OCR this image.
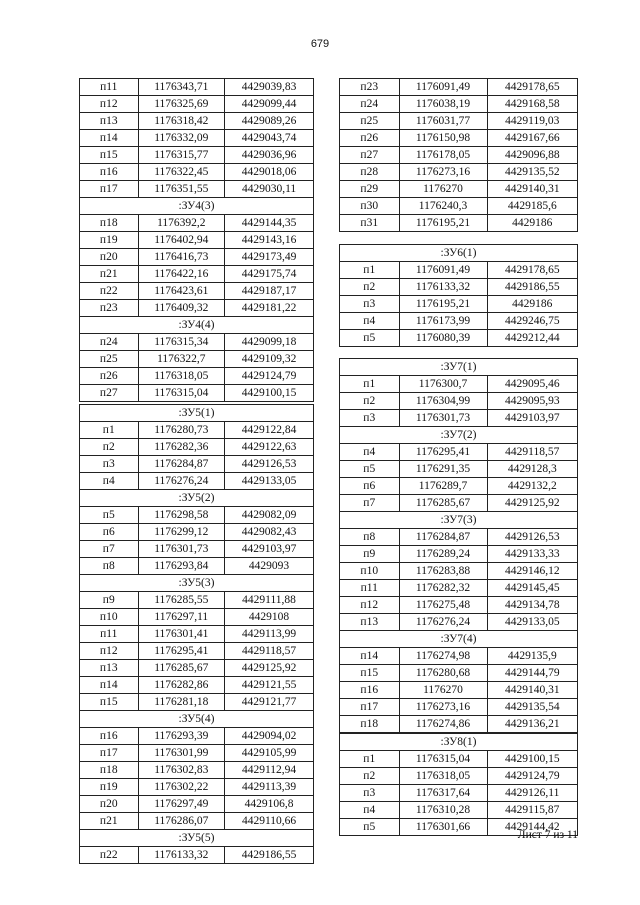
679
п11	1176343,71	4429039,83
п12	1176325,69	4429099,44
п13	1176318,42	4429089,26
п14	1176332,09	4429043,74
п15	1176315,77	4429036,96
п16	1176322,45	4429018,06
п17	1176351,55	4429030,11
:ЗУ4(3)		
п18	1176392,2	4429144,35
п19	1176402,94	4429143,16
п20	1176416,73	4429173,49
п21	1176422,16	4429175,74
п22	1176423,61	4429187,17
п23	1176409,32	4429181,22
:ЗУ4(4)		
п24	1176315,34	4429099,18
п25	1176322,7	4429109,32
п26	1176318,05	4429124,79
п27	1176315,04	4429100,15
:ЗУ5(1)		
п1	1176280,73	4429122,84
п2	1176282,36	4429122,63
п3	1176284,87	4429126,53
п4	1176276,24	4429133,05
:ЗУ5(2)		
п5	1176298,58	4429082,09
п6	1176299,12	4429082,43
п7	1176301,73	4429103,97
п8	1176293,84	4429093
:ЗУ5(3)		
п9	1176285,55	4429111,88
п10	1176297,11	4429108
п11	1176301,41	4429113,99
п12	1176295,41	4429118,57
п13	1176285,67	4429125,92
п14	1176282,86	4429121,55
п15	1176281,18	4429121,77
:ЗУ5(4)		
п16	1176293,39	4429094,02
п17	1176301,99	4429105,99
п18	1176302,83	4429112,94
п19	1176302,22	4429113,39
п20	1176297,49	4429106,8
п21	1176286,07	4429110,66
:ЗУ5(5)		
п22	1176133,32	4429186,55
п23	1176091,49	4429178,65
п24	1176038,19	4429168,58
п25	1176031,77	4429119,03
п26	1176150,98	4429167,66
п27	1176178,05	4429096,88
п28	1176273,16	4429135,52
п29	1176270	4429140,31
п30	1176240,3	4429185,6
п31	1176195,21	4429186
:ЗУ6(1)		
п1	1176091,49	4429178,65
п2	1176133,32	4429186,55
п3	1176195,21	4429186
п4	1176173,99	4429246,75
п5	1176080,39	4429212,44
:ЗУ7(1)		
п1	1176300,7	4429095,46
п2	1176304,99	4429095,93
п3	1176301,73	4429103,97
:ЗУ7(2)		
п4	1176295,41	4429118,57
п5	1176291,35	4429128,3
п6	1176289,7	4429132,2
п7	1176285,67	4429125,92
:ЗУ7(3)		
п8	1176284,87	4429126,53
п9	1176289,24	4429133,33
п10	1176283,88	4429146,12
п11	1176282,32	4429145,45
п12	1176275,48	4429134,78
п13	1176276,24	4429133,05
:ЗУ7(4)		
п14	1176274,98	4429135,9
п15	1176280,68	4429144,79
п16	1176270	4429140,31
п17	1176273,16	4429135,54
п18	1176274,86	4429136,21
:ЗУ8(1)		
п1	1176315,04	4429100,15
п2	1176318,05	4429124,79
п3	1176317,64	4429126,11
п4	1176310,28	4429115,87
п5	1176301,66	4429144,42
Лист 7 из 11
